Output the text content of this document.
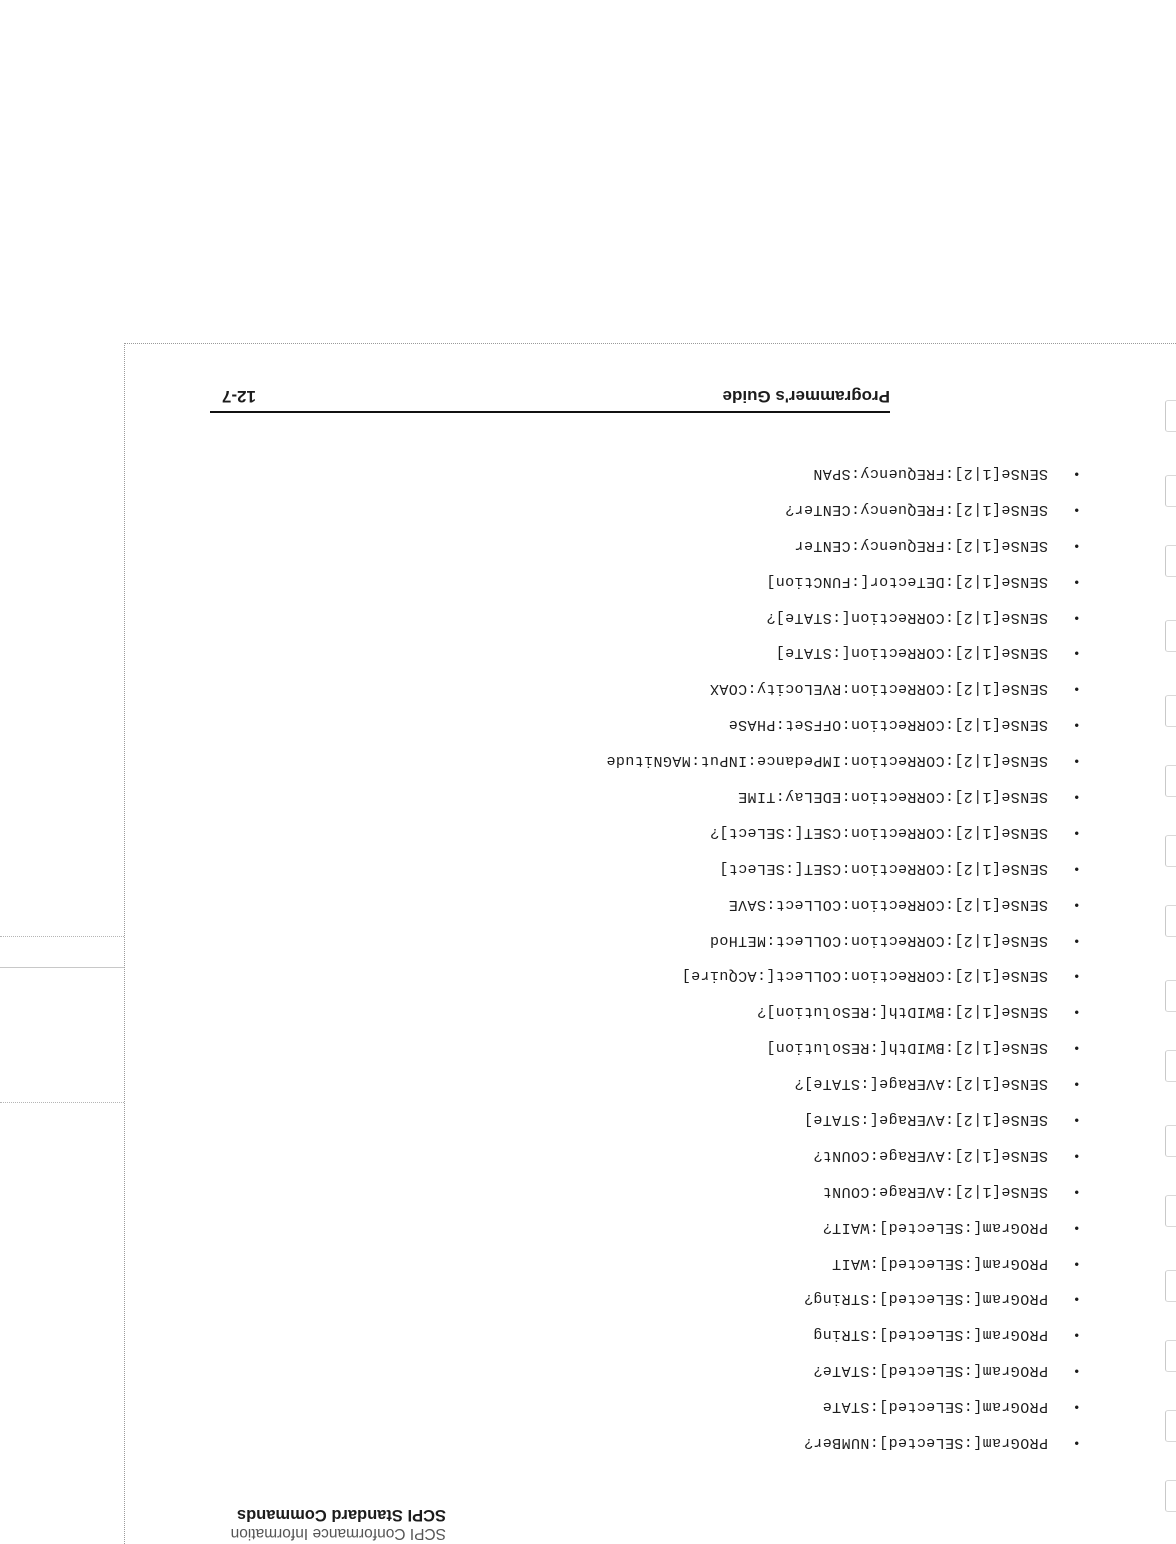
SCPI Conformance Information
SCPI Standard Commands
•PROGram[:SELected]:NUMBer?
•PROGram[:SELected]:STATe
•PROGram[:SELected]:STATe?
•PROGram[:SELected]:STRing
•PROGram[:SELected]:STRing?
•PROGram[:SELected]:WAIT
•PROGram[:SELected]:WAIT?
•SENSe[1|2]:AVERage:COUNt
•SENSe[1|2]:AVERage:COUNt?
•SENSe[1|2]:AVERage[:STATe]
•SENSe[1|2]:AVERage[:STATe]?
•SENSe[1|2]:BWIDth[:RESolution]
•SENSe[1|2]:BWIDth[:RESolution]?
•SENSe[1|2]:CORRection:COLLect[:ACQuire]
•SENSe[1|2]:CORRection:COLLect:METHod
•SENSe[1|2]:CORRection:COLLect:SAVE
•SENSe[1|2]:CORRection:CSET[:SELect]
•SENSe[1|2]:CORRection:CSET[:SELect]?
•SENSe[1|2]:CORRection:EDELay:TIME
•SENSe[1|2]:CORRection:IMPedance:INPut:MAGNitude
•SENSe[1|2]:CORRection:OFFSet:PHASe
•SENSe[1|2]:CORRection:RVELocity:COAX
•SENSe[1|2]:CORRection[:STATe]
•SENSe[1|2]:CORRection[:STATe]?
•SENSe[1|2]:DETector[:FUNCtion]
•SENSe[1|2]:FREQuency:CENTer
•SENSe[1|2]:FREQuency:CENTer?
•SENSe[1|2]:FREQuency:SPAN
Programmer's Guide
12-7
